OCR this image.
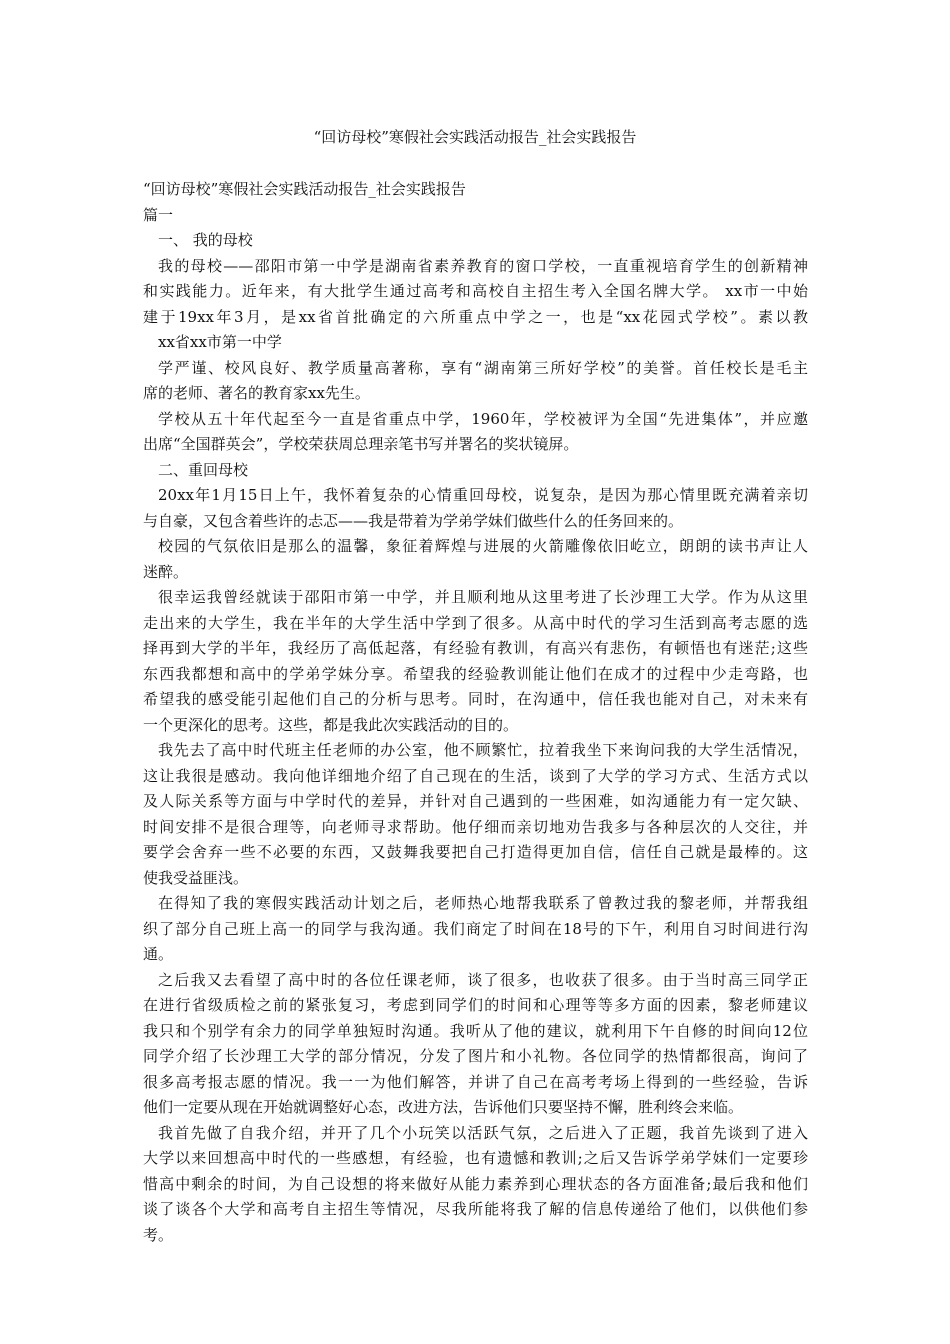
“回访母校”寒假社会实践活动报告_社会实践报告
“回访母校”寒假社会实践活动报告_社会实践报告
篇一
一、 我的母校
我的母校——邵阳市第一中学是湖南省素养教育的窗口学校，一直重视培育学生的创新精神
和实践能力。近年来，有大批学生通过高考和高校自主招生考入全国名牌大学。 xx市一中始
建于19xx年3月，是xx省首批确定的六所重点中学之一，也是“xx花园式学校”。素以教
xx省xx市第一中学
学严谨、校风良好、教学质量高著称，享有“湖南第三所好学校”的美誉。首任校长是毛主
席的老师、著名的教育家xx先生。
学校从五十年代起至今一直是省重点中学，1960年，学校被评为全国“先进集体”，并应邀
出席“全国群英会”，学校荣获周总理亲笔书写并署名的奖状镜屏。
二、重回母校
20xx年1月15日上午，我怀着复杂的心情重回母校，说复杂，是因为那心情里既充满着亲切
与自豪，又包含着些许的忐忑——我是带着为学弟学妹们做些什么的任务回来的。
校园的气氛依旧是那么的温馨，象征着辉煌与进展的火箭雕像依旧屹立，朗朗的读书声让人
迷醉。
很幸运我曾经就读于邵阳市第一中学，并且顺利地从这里考进了长沙理工大学。作为从这里
走出来的大学生，我在半年的大学生活中学到了很多。从高中时代的学习生活到高考志愿的选
择再到大学的半年，我经历了高低起落，有经验有教训，有高兴有悲伤，有顿悟也有迷茫;这些
东西我都想和高中的学弟学妹分享。希望我的经验教训能让他们在成才的过程中少走弯路，也
希望我的感受能引起他们自己的分析与思考。同时，在沟通中，信任我也能对自己，对未来有
一个更深化的思考。这些，都是我此次实践活动的目的。
我先去了高中时代班主任老师的办公室，他不顾繁忙，拉着我坐下来询问我的大学生活情况，
这让我很是感动。我向他详细地介绍了自己现在的生活，谈到了大学的学习方式、生活方式以
及人际关系等方面与中学时代的差异，并针对自己遇到的一些困难，如沟通能力有一定欠缺、
时间安排不是很合理等，向老师寻求帮助。他仔细而亲切地劝告我多与各种层次的人交往，并
要学会舍弃一些不必要的东西，又鼓舞我要把自己打造得更加自信，信任自己就是最棒的。这
使我受益匪浅。
在得知了我的寒假实践活动计划之后，老师热心地帮我联系了曾教过我的黎老师，并帮我组
织了部分自己班上高一的同学与我沟通。我们商定了时间在18号的下午，利用自习时间进行沟
通。
之后我又去看望了高中时的各位任课老师，谈了很多，也收获了很多。由于当时高三同学正
在进行省级质检之前的紧张复习，考虑到同学们的时间和心理等等多方面的因素，黎老师建议
我只和个别学有余力的同学单独短时沟通。我听从了他的建议，就利用下午自修的时间向12位
同学介绍了长沙理工大学的部分情况，分发了图片和小礼物。各位同学的热情都很高，询问了
很多高考报志愿的情况。我一一为他们解答，并讲了自己在高考考场上得到的一些经验，告诉
他们一定要从现在开始就调整好心态，改进方法，告诉他们只要坚持不懈，胜利终会来临。
我首先做了自我介绍，并开了几个小玩笑以活跃气氛，之后进入了正题，我首先谈到了进入
大学以来回想高中时代的一些感想，有经验，也有遗憾和教训;之后又告诉学弟学妹们一定要珍
惜高中剩余的时间，为自己设想的将来做好从能力素养到心理状态的各方面准备;最后我和他们
谈了谈各个大学和高考自主招生等情况，尽我所能将我了解的信息传递给了他们，以供他们参
考。
